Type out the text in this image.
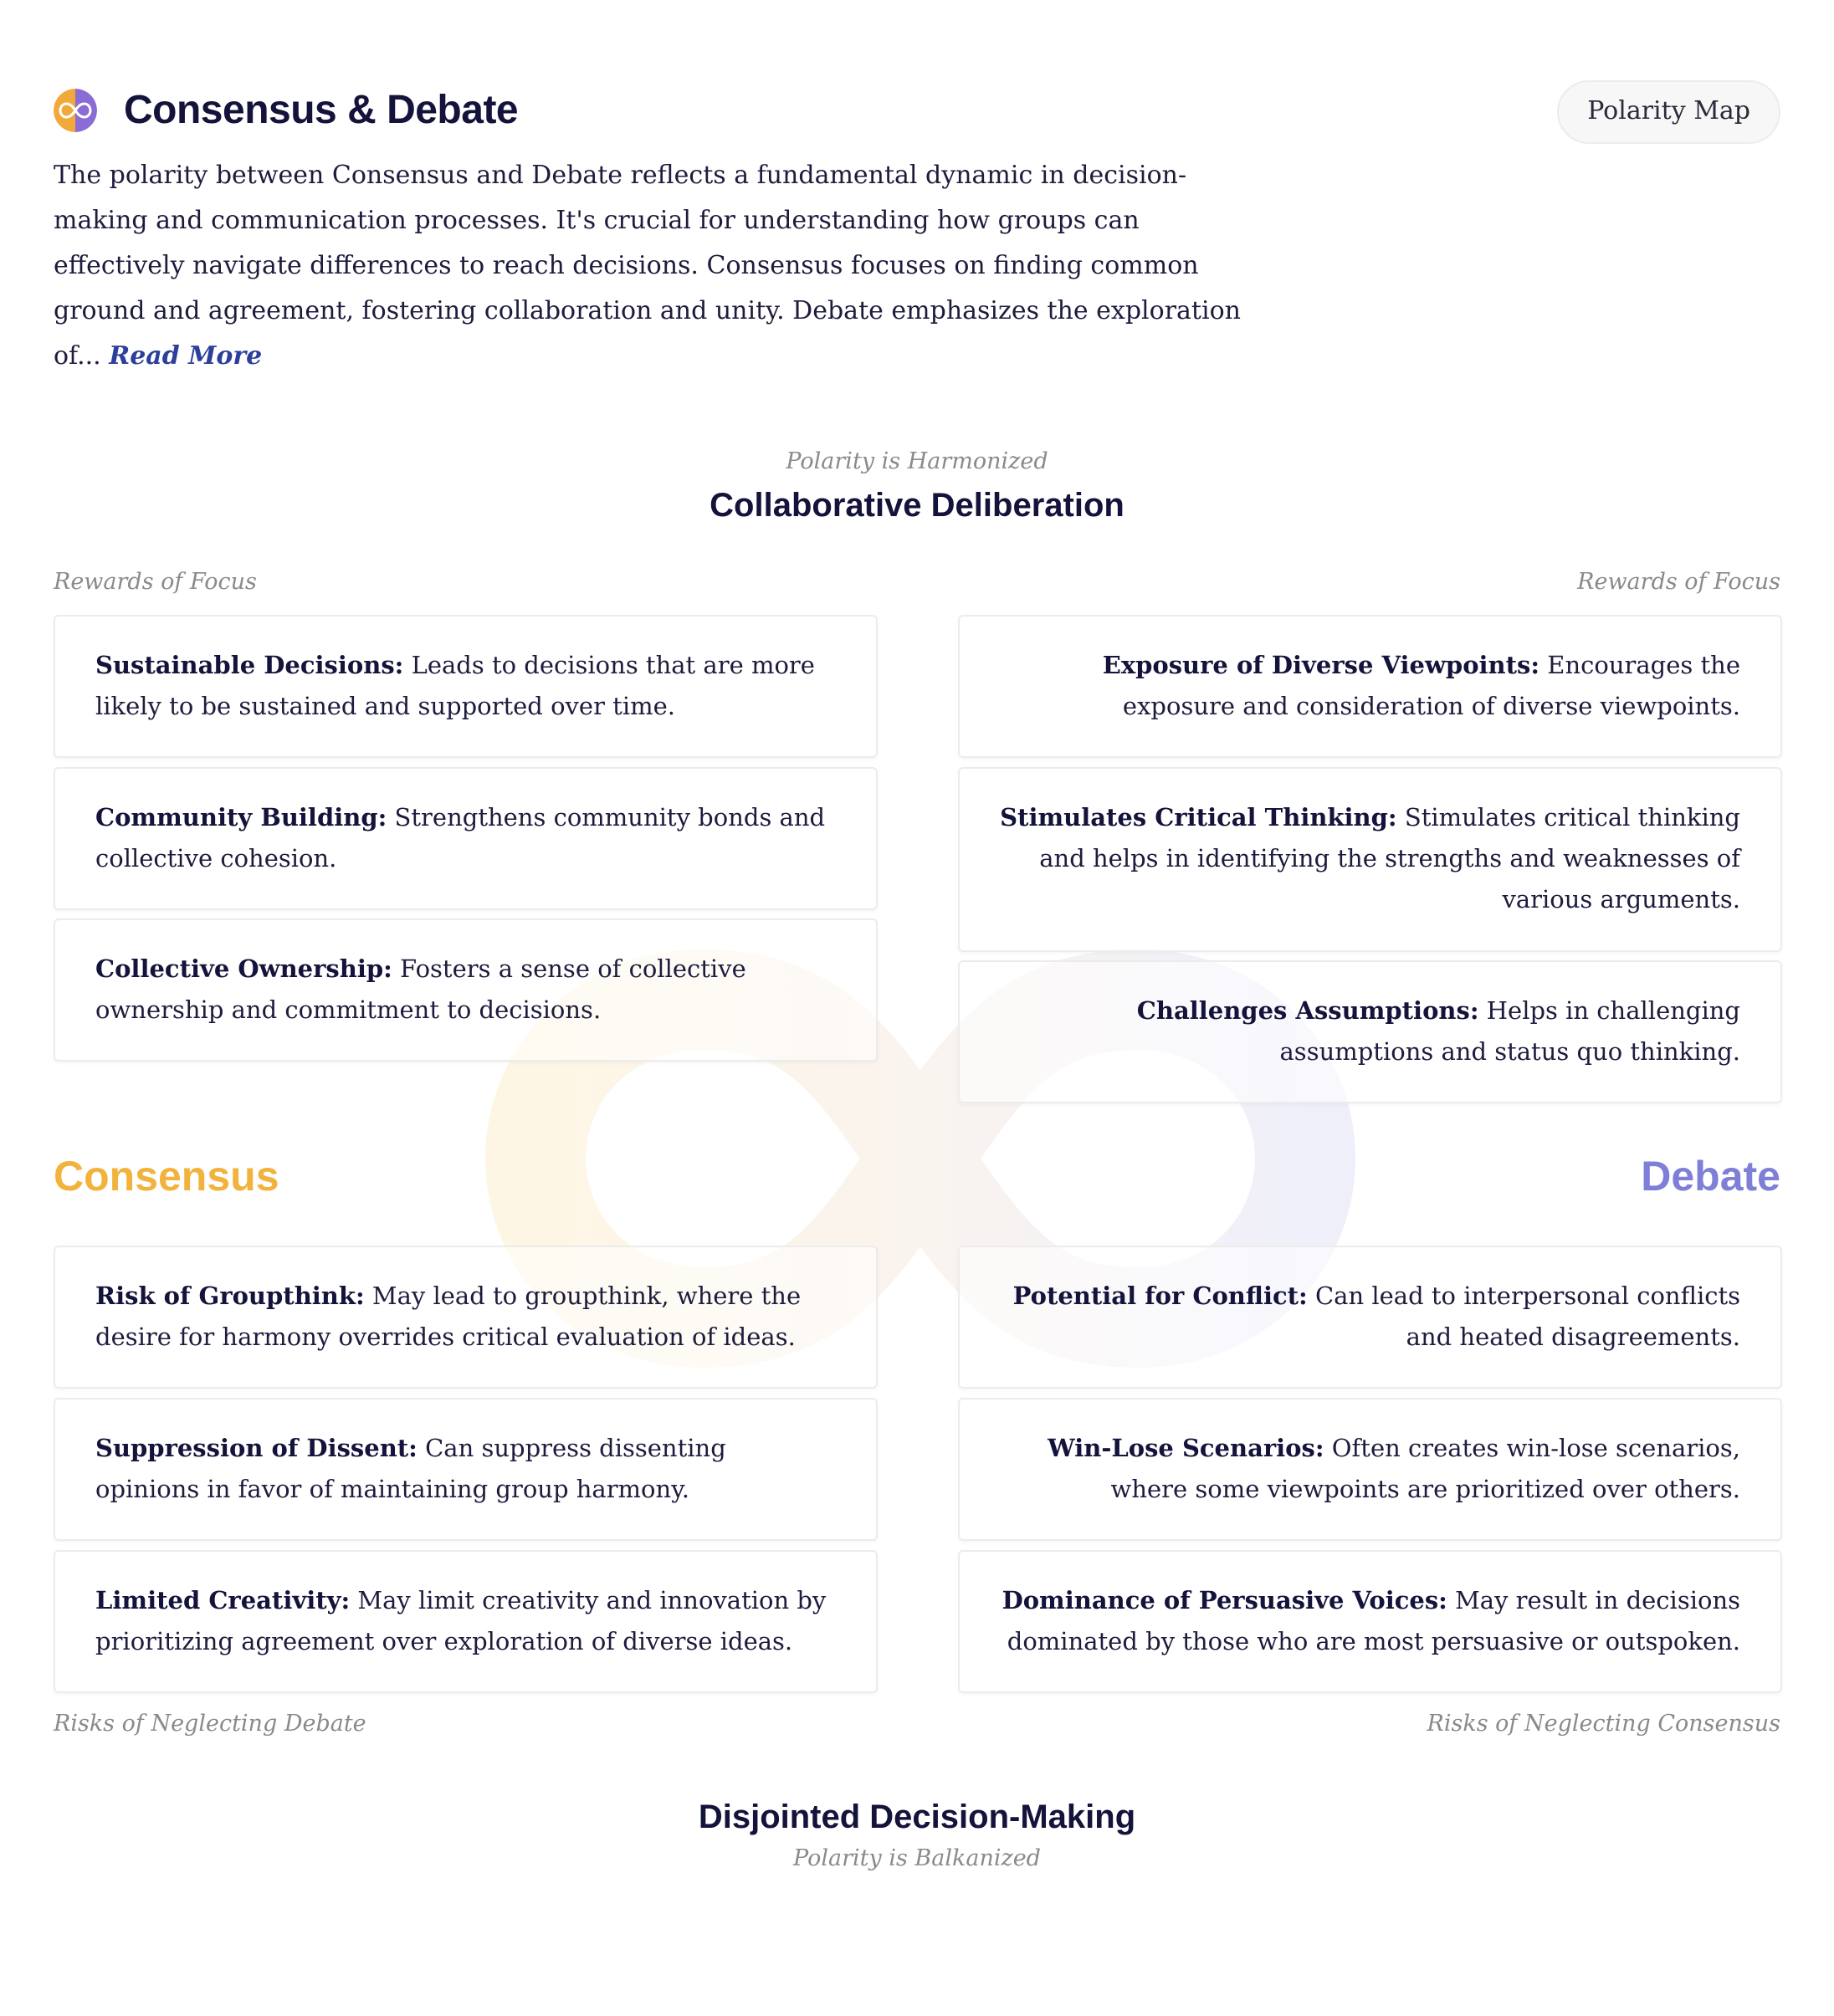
Consensus & Debate	Polarity Map
The polarity between Consensus and Debate reflects a fundamental dynamic in decision-making and communication processes. It's crucial for understanding how groups can effectively navigate differences to reach decisions. Consensus focuses on finding common ground and agreement, fostering collaboration and unity. Debate emphasizes the exploration of... Read More
Polarity is Harmonized
Collaborative Deliberation
Rewards of Focus	Rewards of Focus
Sustainable Decisions: Leads to decisions that are more likely to be sustained and supported over time.
Community Building: Strengthens community bonds and collective cohesion.
Collective Ownership: Fosters a sense of collective ownership and commitment to decisions.
Exposure of Diverse Viewpoints: Encourages the exposure and consideration of diverse viewpoints.
Stimulates Critical Thinking: Stimulates critical thinking and helps in identifying the strengths and weaknesses of various arguments.
Challenges Assumptions: Helps in challenging assumptions and status quo thinking.
Consensus	Debate
Risk of Groupthink: May lead to groupthink, where the desire for harmony overrides critical evaluation of ideas.
Suppression of Dissent: Can suppress dissenting opinions in favor of maintaining group harmony.
Limited Creativity: May limit creativity and innovation by prioritizing agreement over exploration of diverse ideas.
Potential for Conflict: Can lead to interpersonal conflicts and heated disagreements.
Win-Lose Scenarios: Often creates win-lose scenarios, where some viewpoints are prioritized over others.
Dominance of Persuasive Voices: May result in decisions dominated by those who are most persuasive or outspoken.
Risks of Neglecting Debate	Risks of Neglecting Consensus
Disjointed Decision-Making
Polarity is Balkanized
